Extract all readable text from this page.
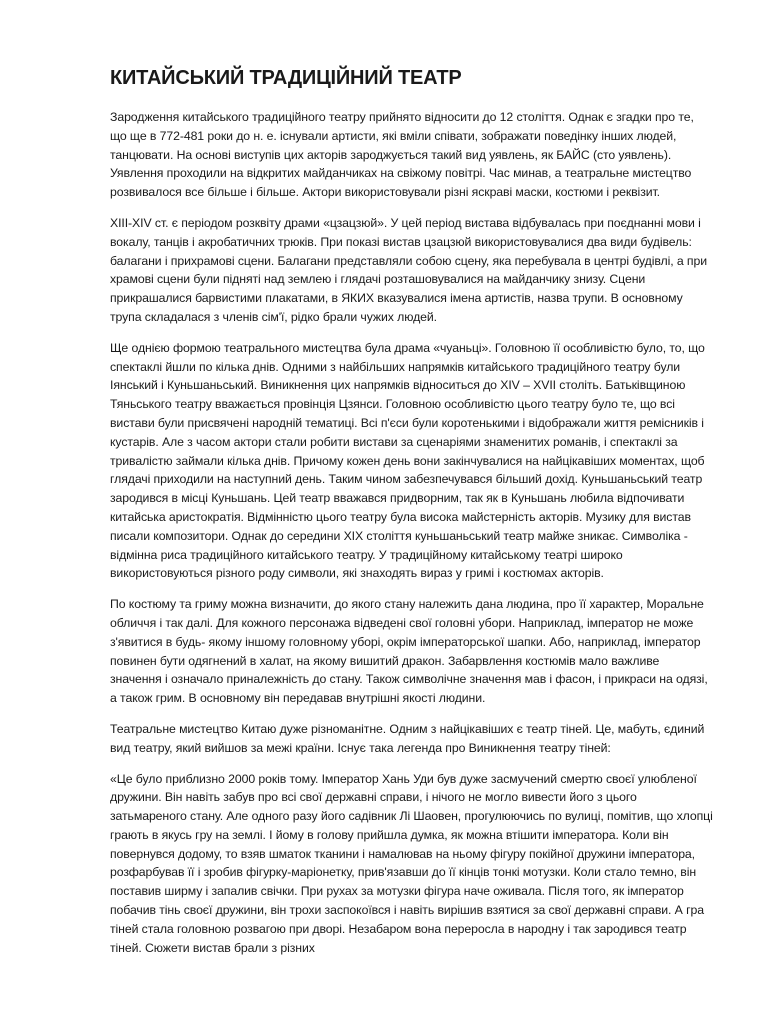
КИТАЙСЬКИЙ ТРАДИЦІЙНИЙ ТЕАТР

Зародження китайського традиційного театру прийнято відносити до 12 століття. Однак є згадки про те, що ще в 772-481 роки до н. е. існували артисти, які вміли співати, зображати поведінку інших людей, танцювати. На основі виступів цих акторів зароджується такий вид уявлень, як БАЙС (сто уявлень). Уявлення проходили на відкритих майданчиках на свіжому повітрі. Час минав, а театральне мистецтво розвивалося все більше і більше. Актори використовували різні яскраві маски, костюми і реквізит.

XIII-XIV ст. є періодом розквіту драми «цзацзюй». У цей період вистава відбувалась при поєднанні мови і вокалу, танців і акробатичних трюків. При показі вистав цзацзюй використовувалися два види будівель: балагани і прихрамові сцени. Балагани представляли собою сцену, яка перебувала в центрі будівлі, а при храмові сцени були підняті над землею і глядачі розташовувалися на майданчику знизу. Сцени прикрашалися барвистими плакатами, в ЯКИХ вказувалися імена артистів, назва трупи. В основному трупа складалася з членів сім'ї, рідко брали чужих людей.

Ще однією формою театрального мистецтва була драма «чуаньці». Головною її особливістю було, то, що спектаклі йшли по кілька днів. Одними з найбільших напрямків китайського традиційного театру були Іянський і Куньшаньський. Виникнення цих напрямків відноситься до XIV – XVII століть. Батьківщиною Тяньського театру вважається провінція Цзянси. Головною особливістю цього театру було те, що всі вистави були присвячені народній тематиці. Всі п'єси були коротенькими і відображали життя ремісників і кустарів. Але з часом актори стали робити вистави за сценаріями знаменитих романів, і спектаклі за тривалістю займали кілька днів. Причому кожен день вони закінчувалися на найцікавіших моментах, щоб глядачі приходили на наступний день. Таким чином забезпечувався більший дохід. Куньшаньський театр зародився в місці Куньшань. Цей театр вважався придворним, так як в Куньшань любила відпочивати китайська аристократія. Відмінністю цього театру була висока майстерність акторів. Музику для вистав писали композитори. Однак до середини XIX століття куньшаньський театр майже зникає. Символіка - відмінна риса традиційного китайського театру. У традиційному китайському театрі широко використовуються різного роду символи, які знаходять вираз у гримі і костюмах акторів.

По костюму та гриму можна визначити, до якого стану належить дана людина, про її характер, Моральне обличчя і так далі. Для кожного персонажа відведені свої головні убори. Наприклад, імператор не може з'явитися в будь- якому іншому головному уборі, окрім імператорської шапки. Або, наприклад, імператор повинен бути одягнений в халат, на якому вишитий дракон. Забарвлення костюмів мало важливе значення і означало приналежність до стану. Також символічне значення мав і фасон, і прикраси на одязі, а також грим. В основному він передавав внутрішні якості людини.

Театральне мистецтво Китаю дуже різноманітне. Одним з найцікавіших є театр тіней. Це, мабуть, єдиний вид театру, який вийшов за межі країни. Існує така легенда про Виникнення театру тіней:

«Це було приблизно 2000 років тому. Імператор Хань Уди був дуже засмучений смертю своєї улюбленої дружини. Він навіть забув про всі свої державні справи, і нічого не могло вивести його з цього затьмареного стану. Але одного разу його садівник Лі Шаовен, прогулюючись по вулиці, помітив, що хлопці грають в якусь гру на землі. І йому в голову прийшла думка, як можна втішити імператора. Коли він повернувся додому, то взяв шматок тканини і намалював на ньому фігуру покійної дружини імператора, розфарбував її і зробив фігурку-маріонетку, прив'язавши до її кінців тонкі мотузки. Коли стало темно, він поставив ширму і запалив свічки. При рухах за мотузки фігура наче оживала. Після того, як імператор побачив тінь своєї дружини, він трохи заспокоївся і навіть вирішив взятися за свої державні справи. А гра тіней стала головною розвагою при дворі. Незабаром вона переросла в народну і так зародився театр тіней. Сюжети вистав брали з різних
